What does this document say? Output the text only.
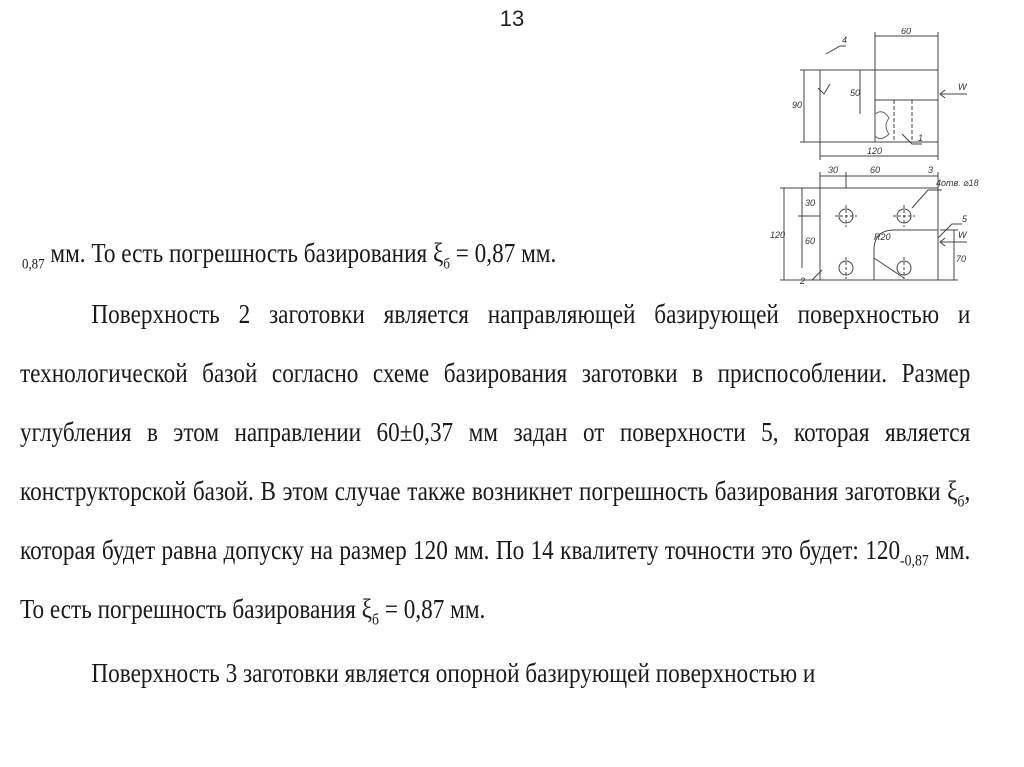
13
$_{0,87}$ мм. То есть погрешность базирования $\xi_б = 0,87$ мм.

Поверхность 2 заготовки является направляющей базирующей поверхностью и технологической базой согласно схеме базирования заготовки в приспособлении. Размер углубления в этом направлении 60±0,37 мм задан от поверхности 5, которая является конструкторской базой. В этом случае также возникнет погрешность базирования заготовки $\xi_б$, которая будет равна допуску на размер 120 мм. По 14 квалитету точности это будет: $120_{-0,87}$ мм. То есть погрешность базирования $\xi_б = 0,87$ мм.

Поверхность 3 заготовки является опорной базирующей поверхностью и

60
90
50
120
4
1
W
30	60	3
4отв. ⌀18
30
60
120	R20
70
5
2
W
